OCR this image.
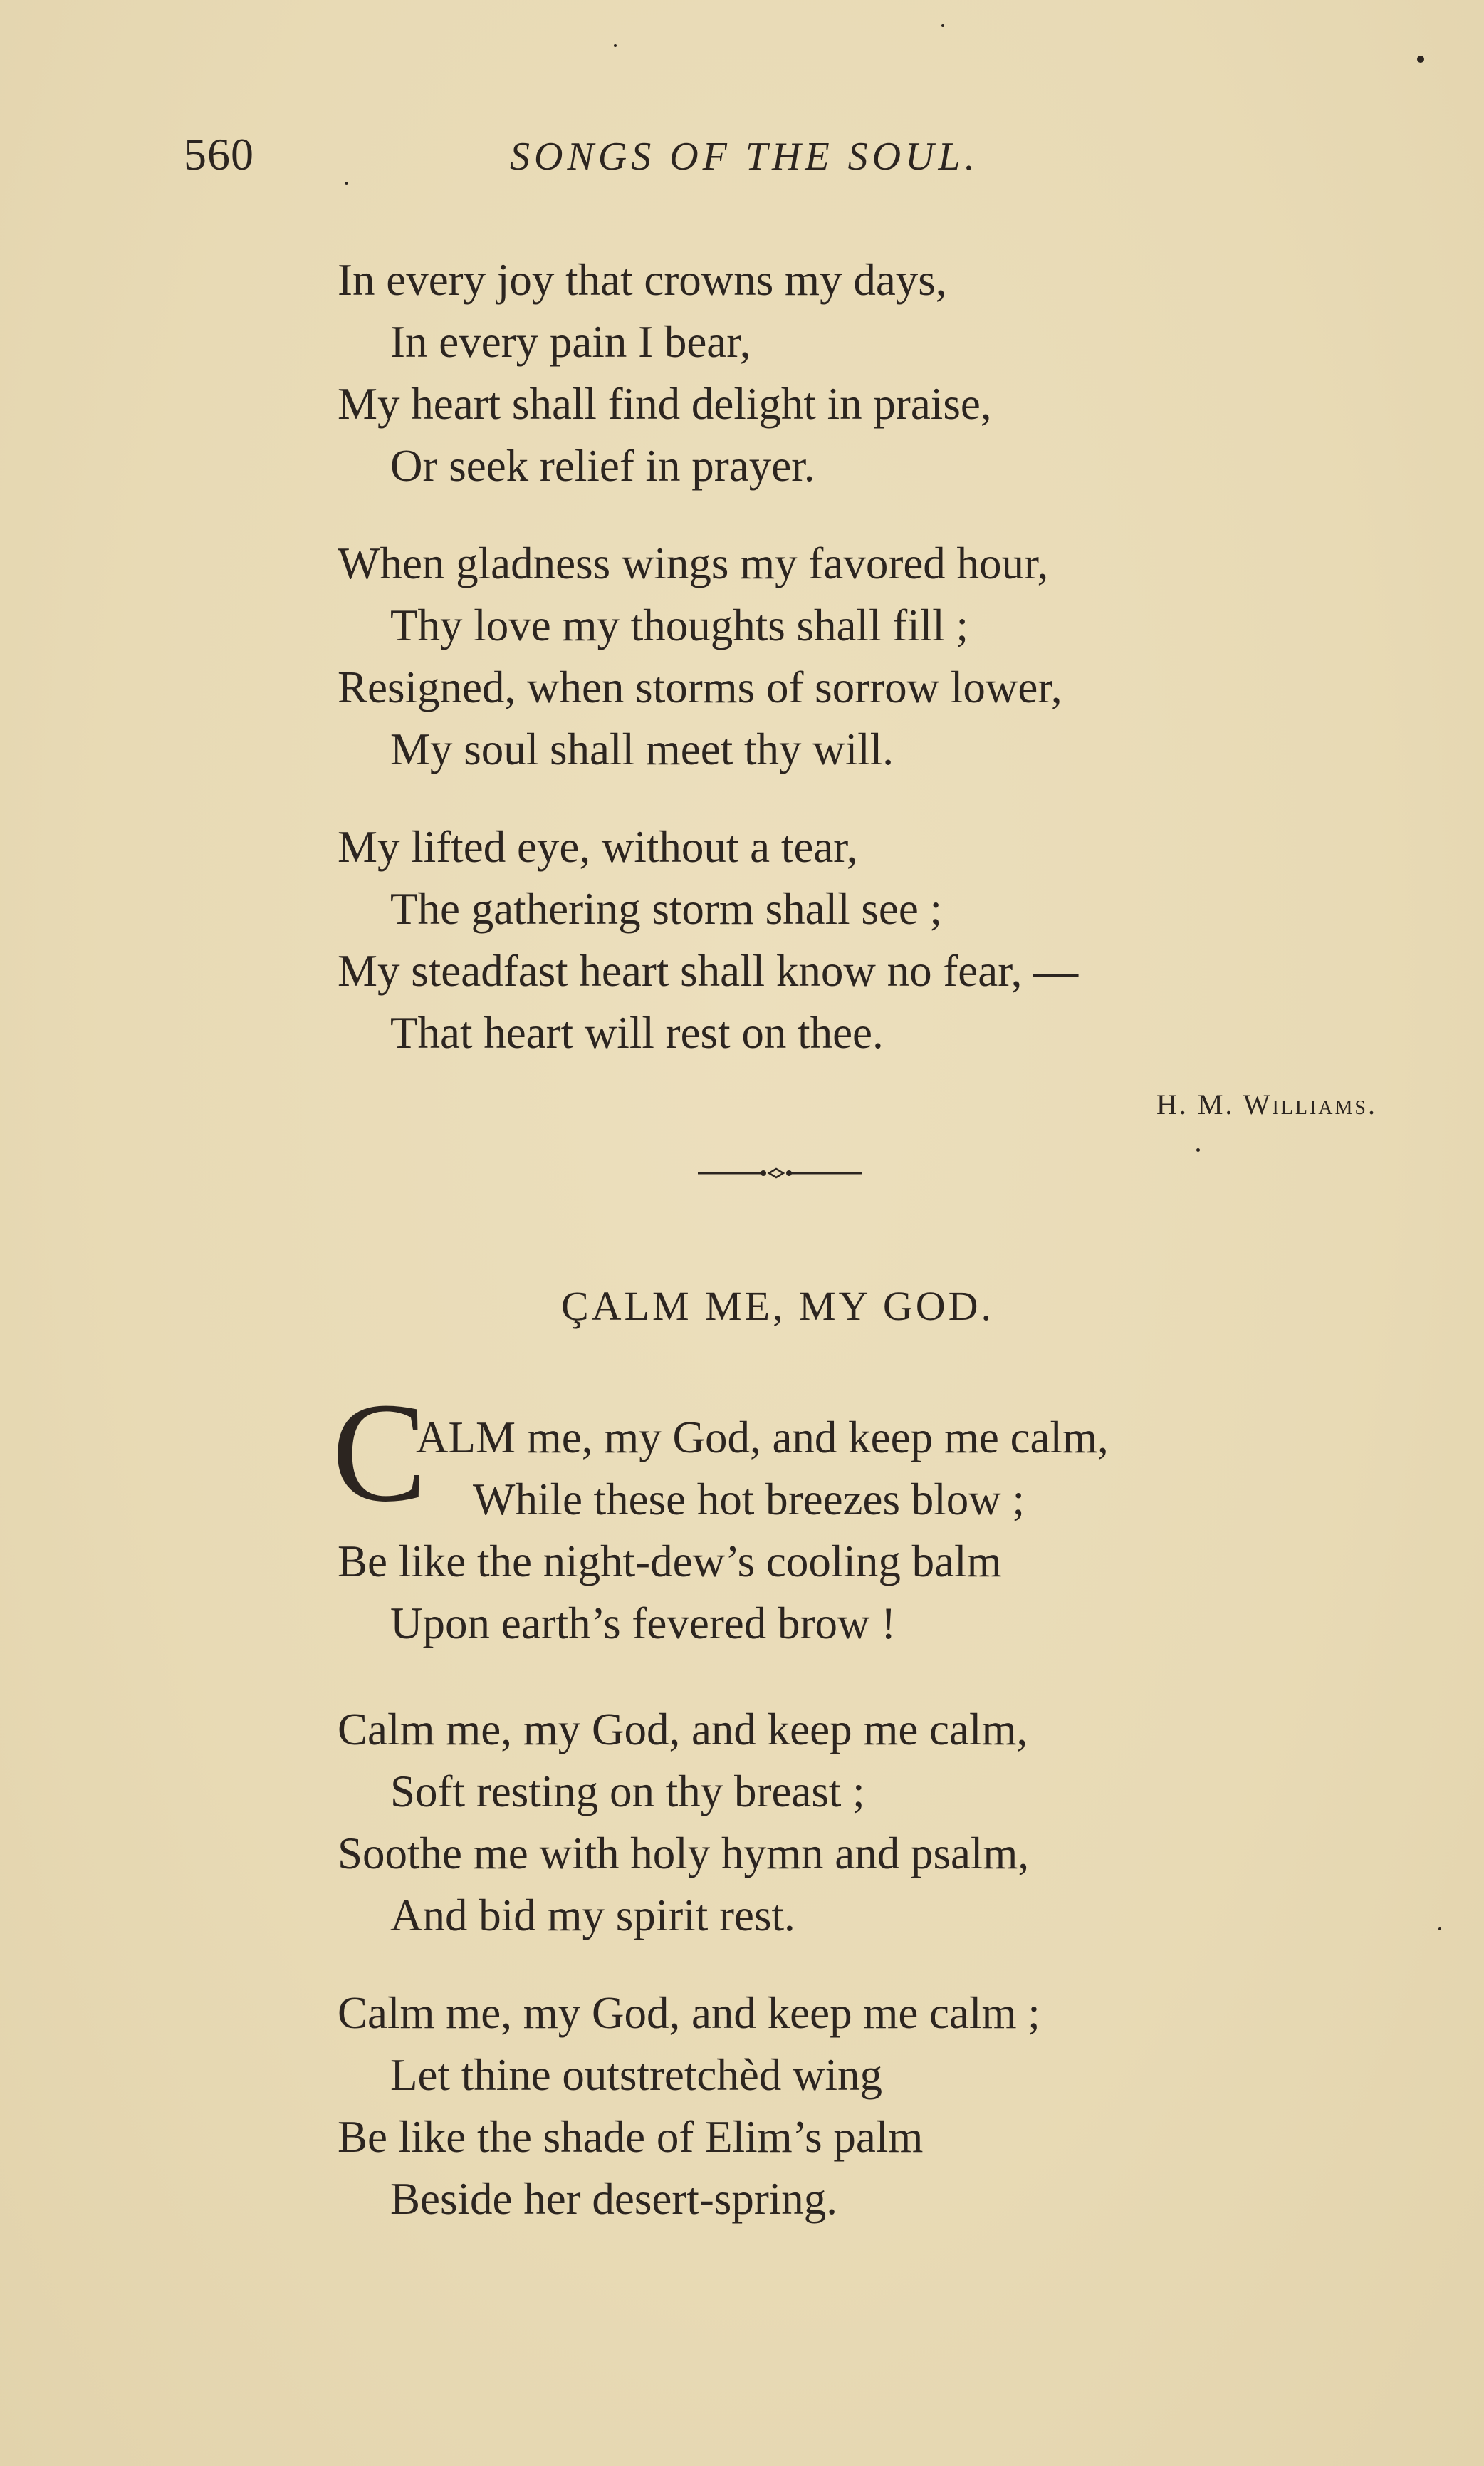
560	SONGS OF THE SOUL.
In every joy that crowns my days,
In every pain I bear,
My heart shall find delight in praise,
Or seek relief in prayer.
When gladness wings my favored hour,
Thy love my thoughts shall fill ;
Resigned, when storms of sorrow lower,
My soul shall meet thy will.
My lifted eye, without a tear,
The gathering storm shall see ;
My steadfast heart shall know no fear, —
That heart will rest on thee.
H. M. Williams.
ÇALM ME, MY GOD.
C
ALM me, my God, and keep me calm,
While these hot breezes blow ;
Be like the night-dew’s cooling balm
Upon earth’s fevered brow !
Calm me, my God, and keep me calm,
Soft resting on thy breast ;
Soothe me with holy hymn and psalm,
And bid my spirit rest.
Calm me, my God, and keep me calm ;
Let thine outstretchèd wing
Be like the shade of Elim’s palm
Beside her desert-spring.
